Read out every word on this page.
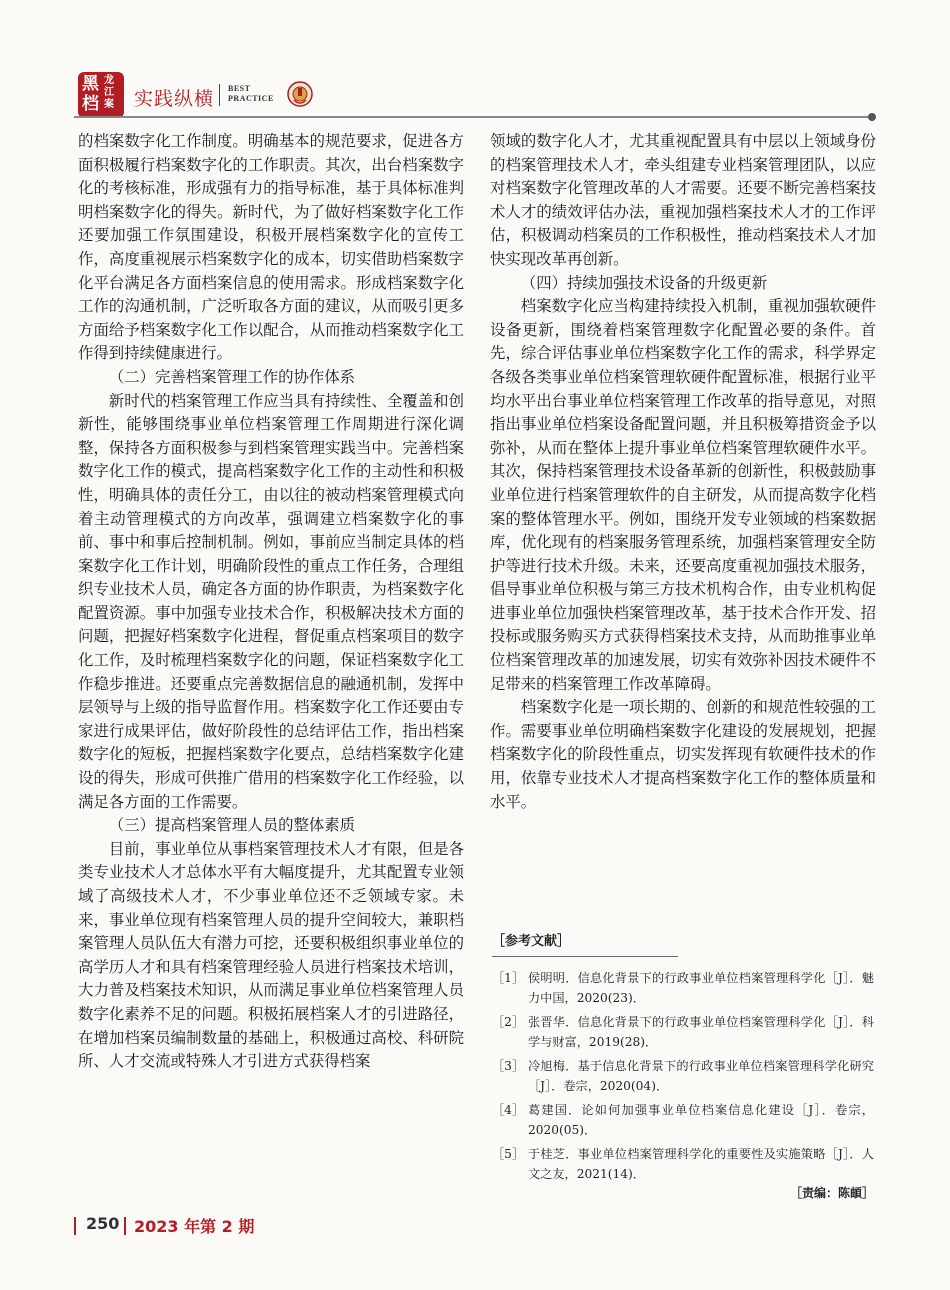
黑档
龙江案 实践纵横 BEST
PRACTICE

的档案数字化工作制度。明确基本的规范要求，促进各方面积极履行档案数字化的工作职责。其次，出台档案数字化的考核标准，形成强有力的指导标准，基于具体标准判明档案数字化的得失。新时代，为了做好档案数字化工作还要加强工作氛围建设，积极开展档案数字化的宣传工作，高度重视展示档案数字化的成本，切实借助档案数字化平台满足各方面档案信息的使用需求。形成档案数字化工作的沟通机制，广泛听取各方面的建议，从而吸引更多方面给予档案数字化工作以配合，从而推动档案数字化工作得到持续健康进行。

（二）完善档案管理工作的协作体系

新时代的档案管理工作应当具有持续性、全覆盖和创新性，能够围绕事业单位档案管理工作周期进行深化调整，保持各方面积极参与到档案管理实践当中。完善档案数字化工作的模式，提高档案数字化工作的主动性和积极性，明确具体的责任分工，由以往的被动档案管理模式向着主动管理模式的方向改革，强调建立档案数字化的事前、事中和事后控制机制。例如，事前应当制定具体的档案数字化工作计划，明确阶段性的重点工作任务，合理组织专业技术人员，确定各方面的协作职责，为档案数字化配置资源。事中加强专业技术合作，积极解决技术方面的问题，把握好档案数字化进程，督促重点档案项目的数字化工作，及时梳理档案数字化的问题，保证档案数字化工作稳步推进。还要重点完善数据信息的融通机制，发挥中层领导与上级的指导监督作用。档案数字化工作还要由专家进行成果评估，做好阶段性的总结评估工作，指出档案数字化的短板，把握档案数字化要点，总结档案数字化建设的得失，形成可供推广借用的档案数字化工作经验，以满足各方面的工作需要。

（三）提高档案管理人员的整体素质

目前，事业单位从事档案管理技术人才有限，但是各类专业技术人才总体水平有大幅度提升，尤其配置专业领域了高级技术人才，不少事业单位还不乏领域专家。未来，事业单位现有档案管理人员的提升空间较大，兼职档案管理人员队伍大有潜力可挖，还要积极组织事业单位的高学历人才和具有档案管理经验人员进行档案技术培训，大力普及档案技术知识，从而满足事业单位档案管理人员数字化素养不足的问题。积极拓展档案人才的引进路径，在增加档案员编制数量的基础上，积极通过高校、科研院所、人才交流或特殊人才引进方式获得档案

领域的数字化人才，尤其重视配置具有中层以上领域身份的档案管理技术人才，牵头组建专业档案管理团队，以应对档案数字化管理改革的人才需要。还要不断完善档案技术人才的绩效评估办法，重视加强档案技术人才的工作评估，积极调动档案员的工作积极性，推动档案技术人才加快实现改革再创新。

（四）持续加强技术设备的升级更新

档案数字化应当构建持续投入机制，重视加强软硬件设备更新，围绕着档案管理数字化配置必要的条件。首先，综合评估事业单位档案数字化工作的需求，科学界定各级各类事业单位档案管理软硬件配置标准，根据行业平均水平出台事业单位档案管理工作改革的指导意见，对照指出事业单位档案设备配置问题，并且积极筹措资金予以弥补，从而在整体上提升事业单位档案管理软硬件水平。其次，保持档案管理技术设备革新的创新性，积极鼓励事业单位进行档案管理软件的自主研发，从而提高数字化档案的整体管理水平。例如，围绕开发专业领域的档案数据库，优化现有的档案服务管理系统，加强档案管理安全防护等进行技术升级。未来，还要高度重视加强技术服务，倡导事业单位积极与第三方技术机构合作，由专业机构促进事业单位加强快档案管理改革，基于技术合作开发、招投标或服务购买方式获得档案技术支持，从而助推事业单位档案管理改革的加速发展，切实有效弥补因技术硬件不足带来的档案管理工作改革障碍。

档案数字化是一项长期的、创新的和规范性较强的工作。需要事业单位明确档案数字化建设的发展规划，把握档案数字化的阶段性重点，切实发挥现有软硬件技术的作用，依靠专业技术人才提高档案数字化工作的整体质量和水平。

［参考文献］
［1］ 侯明明．信息化背景下的行政事业单位档案管理科学化［J］．魅力中国，2020(23)．
［2］ 张晋华．信息化背景下的行政事业单位档案管理科学化［J］．科学与财富，2019(28)．
［3］ 冷旭梅．基于信息化背景下的行政事业单位档案管理科学化研究［J］．卷宗，2020(04)．
［4］ 葛建国．论如何加强事业单位档案信息化建设［J］．卷宗，2020(05)．
［5］ 于桂芝．事业单位档案管理科学化的重要性及实施策略［J］．人文之友，2021(14)．
［责编：陈頔］
250 2023 年第 2 期
